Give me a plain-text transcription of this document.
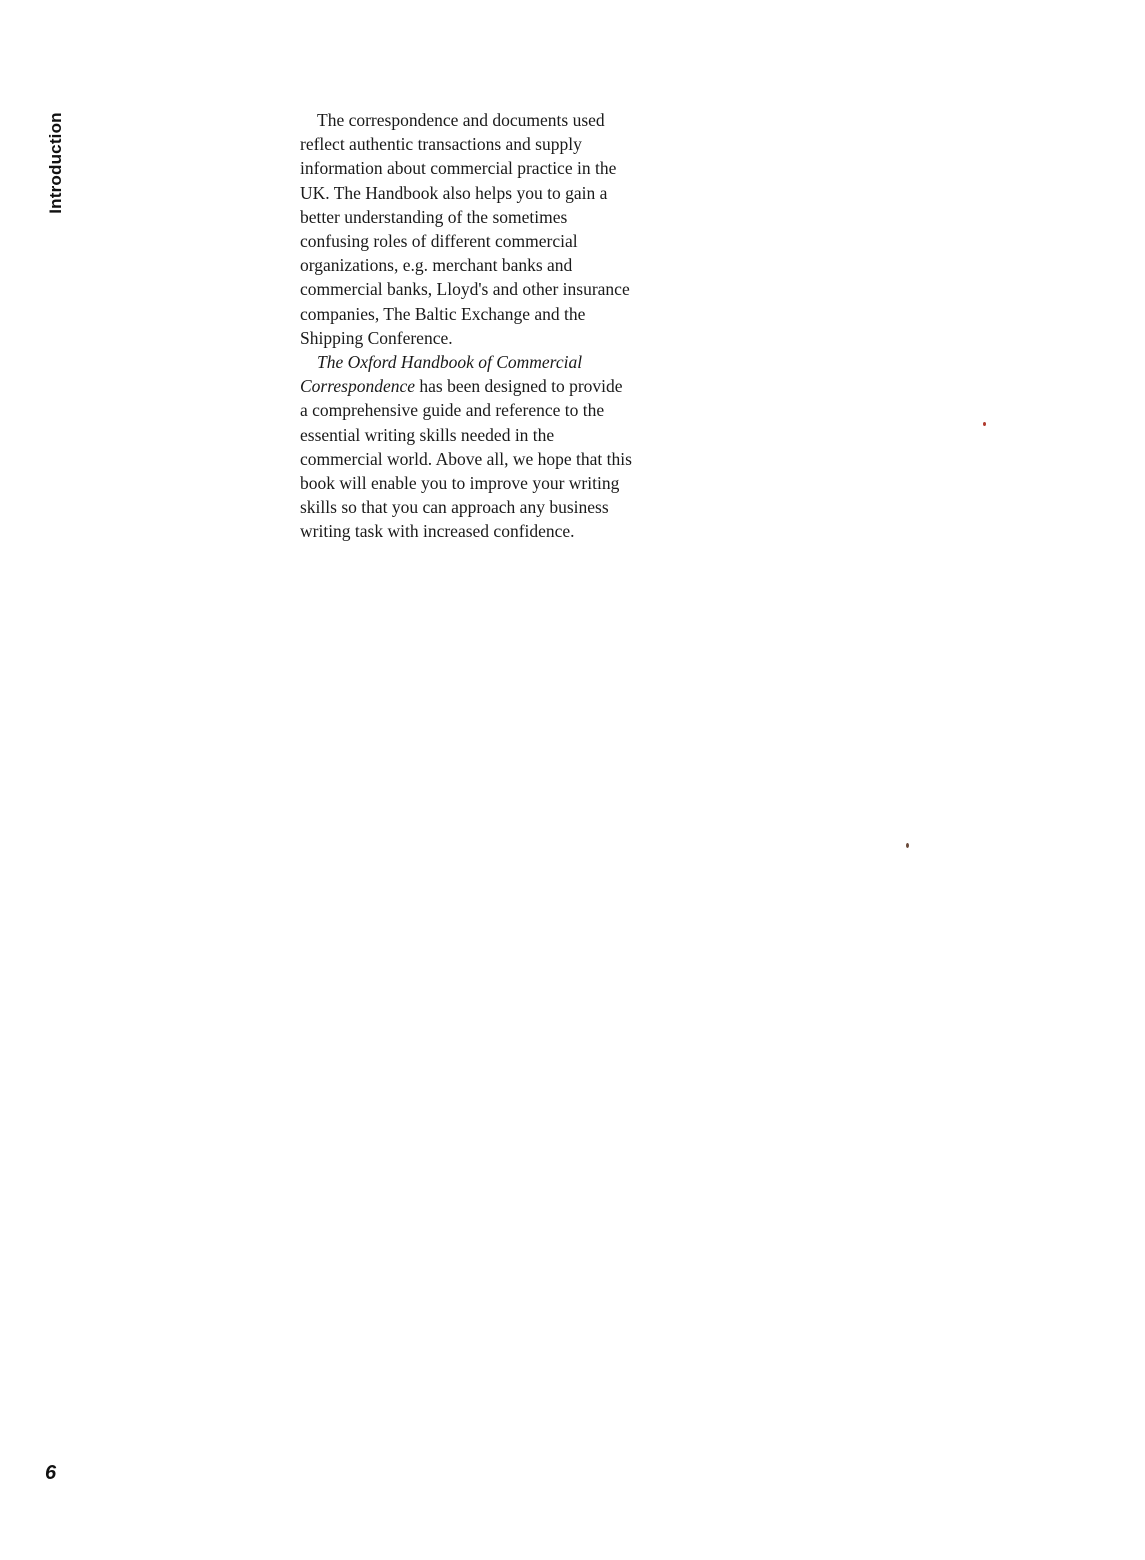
Introduction	The correspondence and documents used
reflect authentic transactions and supply
information about commercial practice in the
UK. The Handbook also helps you to gain a
better understanding of the sometimes
confusing roles of different commercial
organizations, e.g. merchant banks and
commercial banks, Lloyd's and other insurance
companies, The Baltic Exchange and the
Shipping Conference.
The Oxford Handbook of Commercial
Correspondence has been designed to provide
a comprehensive guide and reference to the
essential writing skills needed in the
commercial world. Above all, we hope that this
book will enable you to improve your writing
skills so that you can approach any business
writing task with increased confidence.
6
